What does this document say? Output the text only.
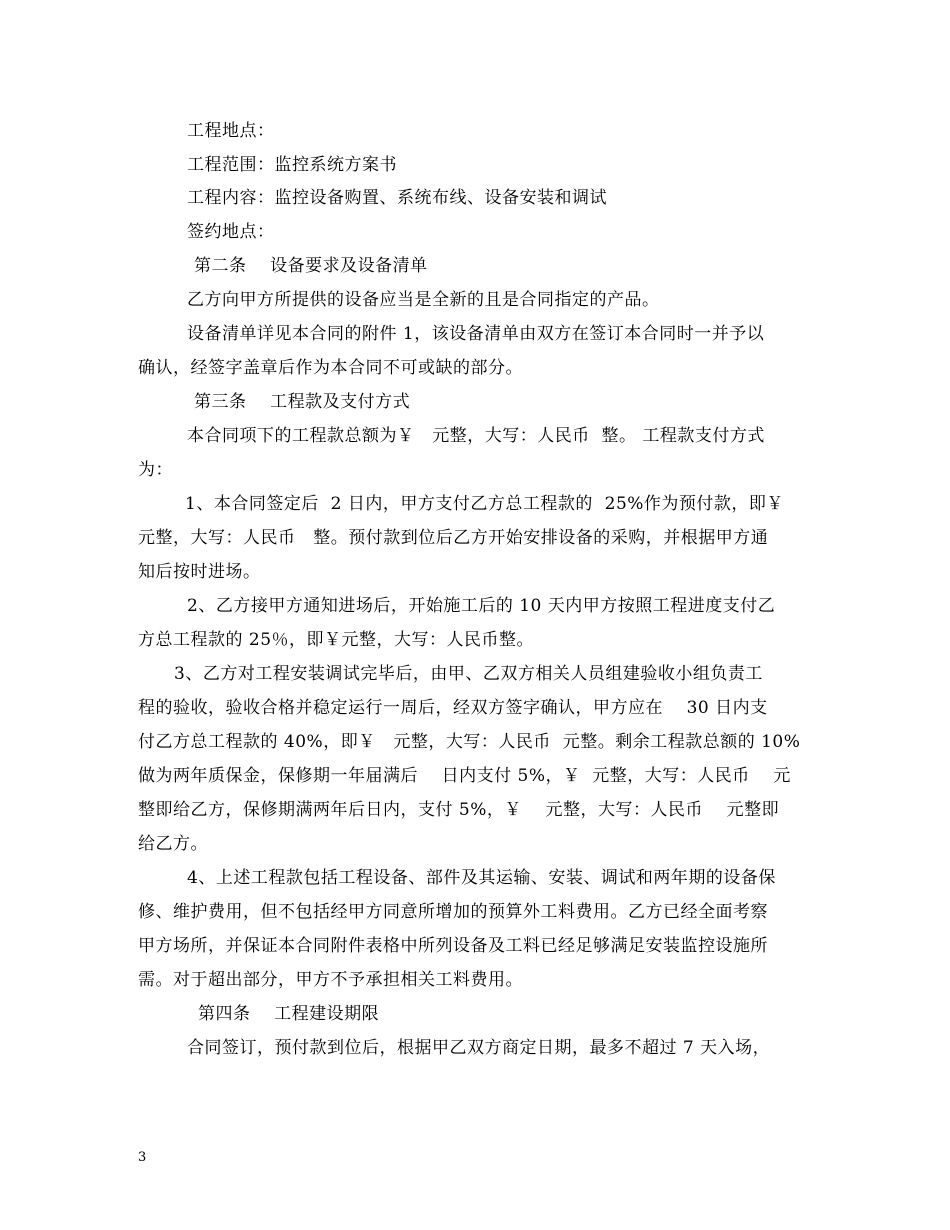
工程地点：
工程范围：监控系统方案书
工程内容：监控设备购置、系统布线、设备安装和调试
签约地点：
第二条    设备要求及设备清单
乙方向甲方所提供的设备应当是全新的且是合同指定的产品。
设备清单详见本合同的附件 1，该设备清单由双方在签订本合同时一并予以
确认，经签字盖章后作为本合同不可或缺的部分。
第三条    工程款及支付方式
本合同项下的工程款总额为￥   元整，大写：人民币  整。 工程款支付方式
为：
1、本合同签定后  2 日内，甲方支付乙方总工程款的  25%作为预付款，即￥
元整，大写：人民币   整。预付款到位后乙方开始安排设备的采购，并根据甲方通
知后按时进场。
2、乙方接甲方通知进场后，开始施工后的 10 天内甲方按照工程进度支付乙
方总工程款的 25％，即￥元整，大写：人民币整。
3、乙方对工程安装调试完毕后，由甲、乙双方相关人员组建验收小组负责工
程的验收，验收合格并稳定运行一周后，经双方签字确认，甲方应在    30 日内支
付乙方总工程款的 40%，即￥   元整，大写：人民币  元整。剩余工程款总额的 10%
做为两年质保金，保修期一年届满后    日内支付 5%，￥  元整，大写：人民币    元
整即给乙方，保修期满两年后日内，支付 5%，￥    元整，大写：人民币    元整即
给乙方。
4、上述工程款包括工程设备、部件及其运输、安装、调试和两年期的设备保
修、维护费用，但不包括经甲方同意所增加的预算外工料费用。乙方已经全面考察
甲方场所，并保证本合同附件表格中所列设备及工料已经足够满足安装监控设施所
需。对于超出部分，甲方不予承担相关工料费用。
第四条    工程建设期限
合同签订，预付款到位后，根据甲乙双方商定日期，最多不超过 7 天入场，
3
